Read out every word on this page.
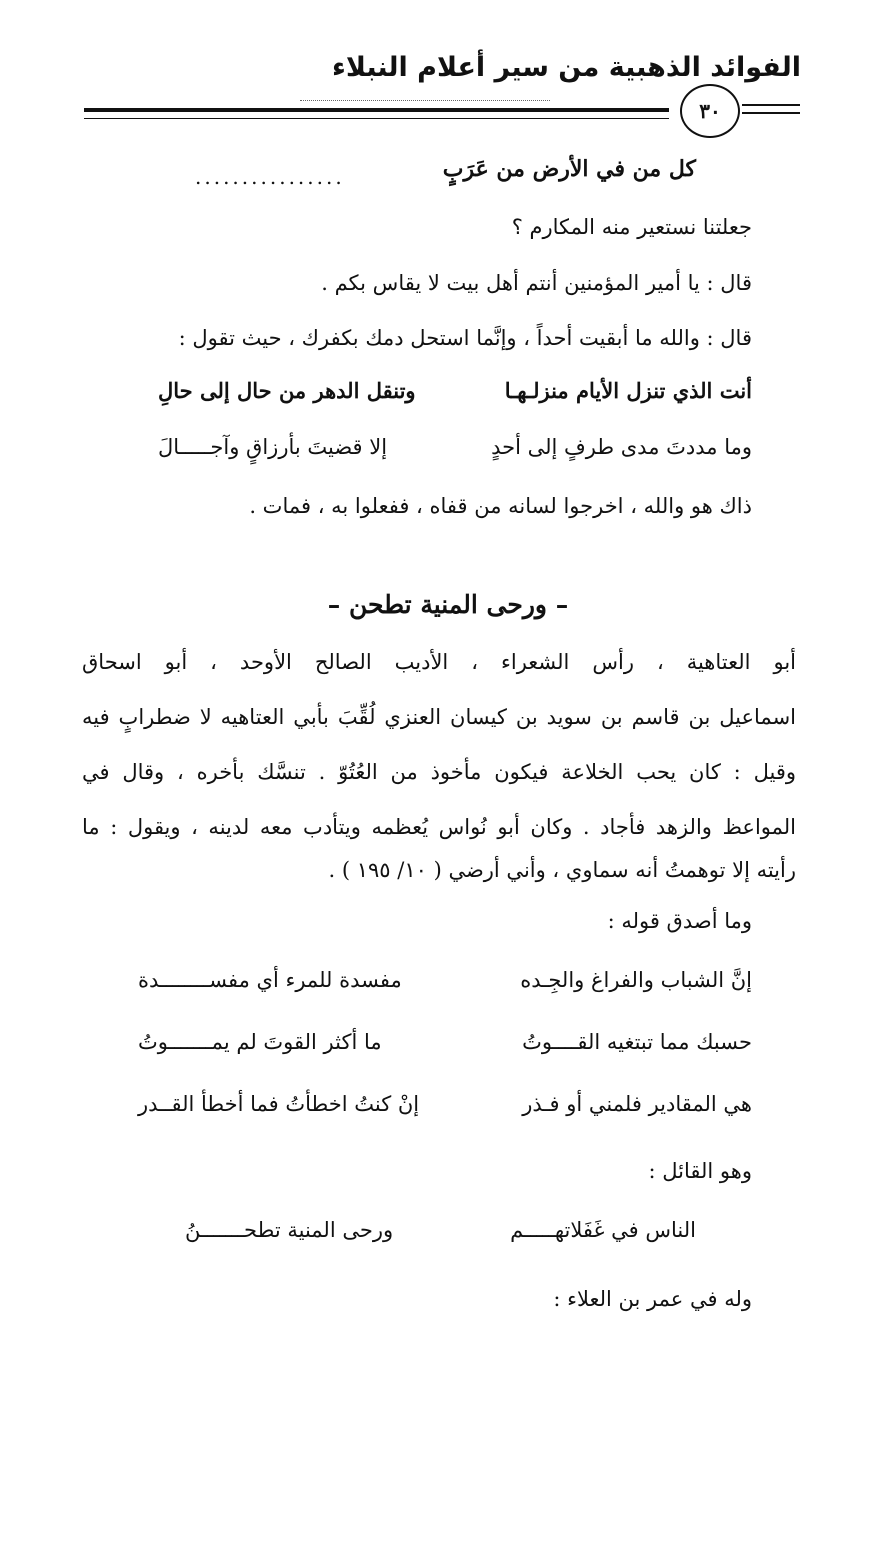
الفوائد الذهبية من سير أعلام النبلاء
٣٠
كل من في الأرض من عَرَبٍ
................
جعلتنا نستعير منه المكارم ؟
قال : يا أمير المؤمنين أنتم أهل بيت لا يقاس بكم .
قال : والله ما أبقيت أحداً ، وإنَّما استحل دمك بكفرك ، حيث تقول :
أنت الذي تنزل الأيام منزلـهـا
وتنقل الدهر من حال إلى حالِ
وما مددتَ مدى طرفٍ إلى أحدٍ
إلا قضيتَ بأرزاقٍ وآجـــــالَ
ذاك هو والله ، اخرجوا لسانه من قفاه ، ففعلوا به ، فمات .
– ورحى المنية تطحن –
أبو العتاهية ، رأس الشعراء ، الأديب الصالح الأوحد ، أبو اسحاق
اسماعيل بن قاسم بن سويد بن كيسان العنزي لُقِّبَ بأبي العتاهيه لا ضطرابٍ فيه
وقيل : كان يحب الخلاعة فيكون مأخوذ من العُتُوّ . تنسَّك بأخره ، وقال في
المواعظ والزهد فأجاد . وكان أبو نُواس يُعظمه ويتأدب معه لدينه ، ويقول : ما
رأيته إلا توهمتُ أنه سماوي ، وأني أرضي ( ١٠/ ١٩٥ ) .
وما أصدق قوله :
إنَّ الشباب والفراغ والجِـده
مفسدة للمرء أي مفســــــــدة
حسبك مما تبتغيه القــــوتُ
ما أكثر القوتَ لم يمـــــــوتُ
هي المقادير فلمني أو فـذر
إنْ كنتُ اخطأتُ فما أخطأ القــدر
وهو القائل :
الناس في غَفَلاتهـــــم
ورحى المنية تطحـــــــنُ
وله في عمر بن العلاء :
